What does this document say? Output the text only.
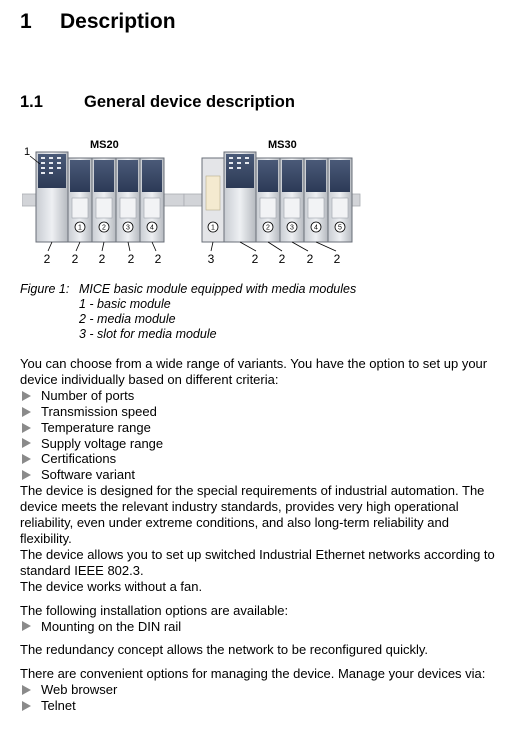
1 Description
1.1 General device description
MS20	MS30
1	2	3	4	1	2	3	4	5
1
2 2 2 2 2	3	2 2 2 2
Figure 1: MICE basic module equipped with media modules
1 - basic module
2 - media module
3 - slot for media module

You can choose from a wide range of variants. You have the option to set up your device individually based on different criteria:

Number of ports
Transmission speed
Temperature range
Supply voltage range
Certifications
Software variant

The device is designed for the special requirements of industrial automation. The device meets the relevant industry standards, provides very high operational reliability, even under extreme conditions, and also long-term reliability and flexibility.

The device allows you to set up switched Industrial Ethernet networks according to standard IEEE 802.3.

The device works without a fan.

The following installation options are available:

Mounting on the DIN rail

The redundancy concept allows the network to be reconfigured quickly.

There are convenient options for managing the device. Manage your devices via:

Web browser
Telnet
